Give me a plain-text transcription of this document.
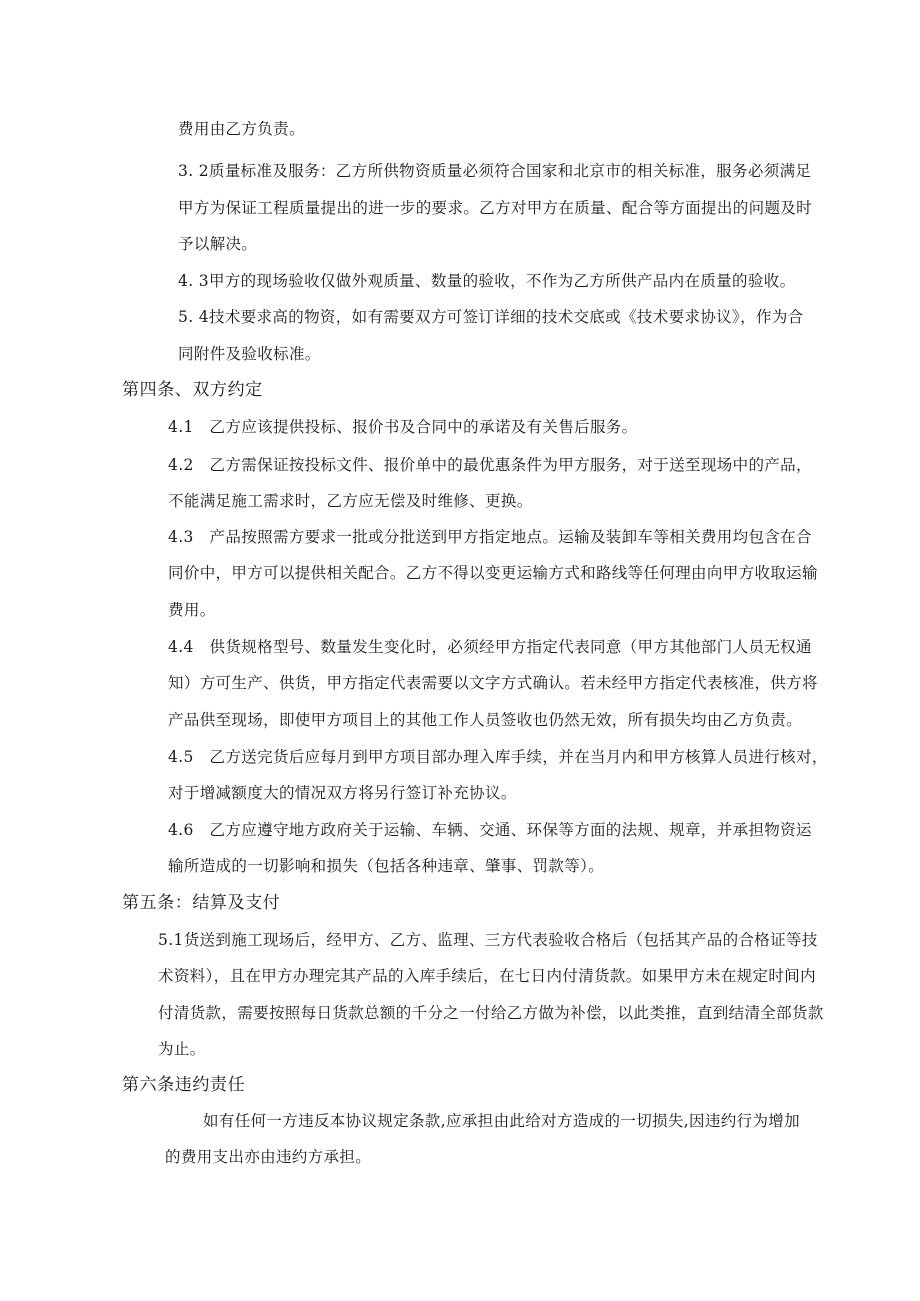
费用由乙方负责。
3. 2质量标准及服务：乙方所供物资质量必须符合国家和北京市的相关标准，服务必须满足
甲方为保证工程质量提出的进一步的要求。乙方对甲方在质量、配合等方面提出的问题及时
予以解决。
4. 3甲方的现场验收仅做外观质量、数量的验收，不作为乙方所供产品内在质量的验收。
5. 4技术要求高的物资，如有需要双方可签订详细的技术交底或《技术要求协议》，作为合
同附件及验收标准。
第四条、双方约定
4.1　乙方应该提供投标、报价书及合同中的承诺及有关售后服务。
4.2　乙方需保证按投标文件、报价单中的最优惠条件为甲方服务，对于送至现场中的产品，
不能满足施工需求时，乙方应无偿及时维修、更换。
4.3　产品按照需方要求一批或分批送到甲方指定地点。运输及装卸车等相关费用均包含在合
同价中，甲方可以提供相关配合。乙方不得以变更运输方式和路线等任何理由向甲方收取运输
费用。
4.4　供货规格型号、数量发生变化时，必须经甲方指定代表同意（甲方其他部门人员无权通
知）方可生产、供货，甲方指定代表需要以文字方式确认。若未经甲方指定代表核准，供方将
产品供至现场，即使甲方项目上的其他工作人员签收也仍然无效，所有损失均由乙方负责。
4.5　乙方送完货后应每月到甲方项目部办理入库手续，并在当月内和甲方核算人员进行核对，
对于增减额度大的情况双方将另行签订补充协议。
4.6　乙方应遵守地方政府关于运输、车辆、交通、环保等方面的法规、规章，并承担物资运
输所造成的一切影响和损失（包括各种违章、肇事、罚款等）。
第五条：结算及支付
5.1货送到施工现场后，经甲方、乙方、监理、三方代表验收合格后（包括其产品的合格证等技
术资料），且在甲方办理完其产品的入库手续后，在七日内付清货款。如果甲方未在规定时间内
付清货款，需要按照每日货款总额的千分之一付给乙方做为补偿，以此类推，直到结清全部货款
为止。
第六条违约责任
如有任何一方违反本协议规定条款,应承担由此给对方造成的一切损失,因违约行为增加
的费用支出亦由违约方承担。
